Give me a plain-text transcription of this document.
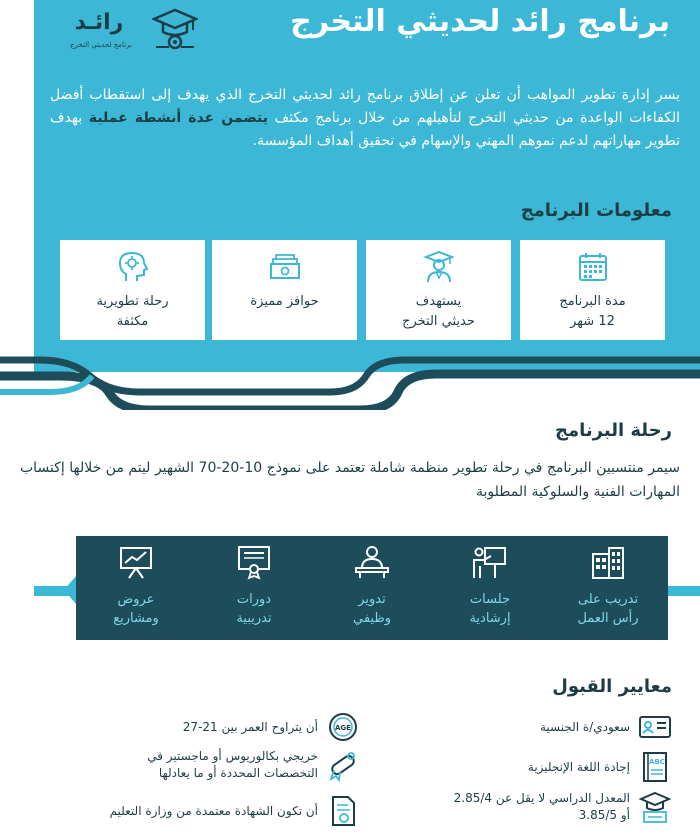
برنامج رائد لحديثي التخرج
رائـد
برنامج لحديثي التخرج
يسر إدارة تطوير المواهب أن تعلن عن إطلاق برنامج رائد لحديثي التخرج الذي يهدف إلى استقطاب أفضل الكفاءات الواعدة من حديثي التخرج لتأهيلهم من خلال برنامج مكثف يتضمن عدة أنشطة عملية بهدف تطوير مهاراتهم لدعم نموهم المهني والإسهام في تحقيق أهداف المؤسسة.
معلومات البرنامج
مدة البرنامج
12 شهر
يستهدف
حديثي التخرج
حوافز مميزة
رحلة تطويرية
مكثفة
رحلة البرنامج
سيمر منتسبين البرنامج في رحلة تطوير منظمة شاملة تعتمد على نموذج 10-20-70 الشهير ليتم من خلالها إكتساب المهارات الفنية والسلوكية المطلوبة
تدريب على
رأس العمل
جلسات
إرشادية
تدوير
وظيفي
دورات
تدريبية
عروض
ومشاريع
معايير القبول
سعودي/ة الجنسية
AGE
أن يتراوح العمر بين 21-27
ABC
إجادة اللغة الإنجليزية
خريجي بكالوريوس أو ماجستير في
التخصصات المحددة أو ما يعادلها
المعدل الدراسي لا يقل عن 2.85/4
أو 3.85/5
أن تكون الشهادة معتمدة من وزارة التعليم
